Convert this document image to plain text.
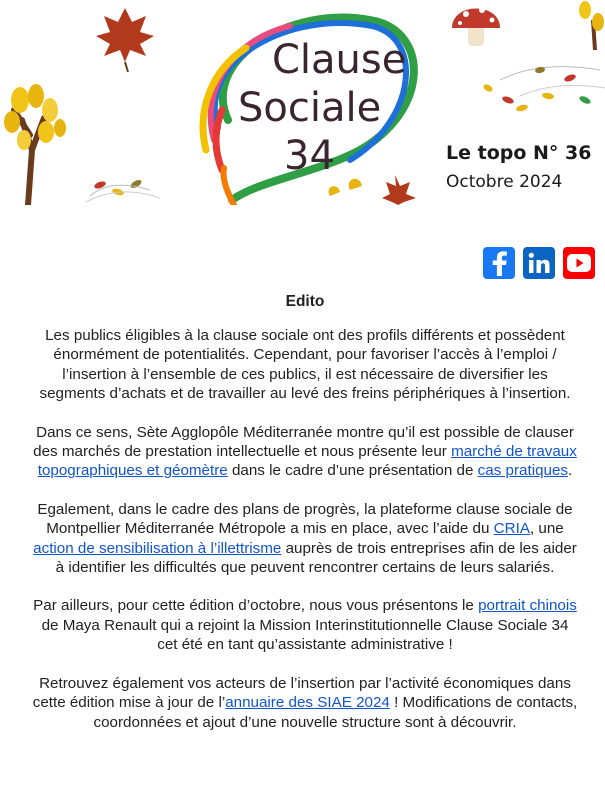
Clause
Sociale
34	Le topo N° 36
Octobre 2024
Edito

Les publics éligibles à la clause sociale ont des profils différents et possèdent énormément de potentialités. Cependant, pour favoriser l’accès à l’emploi / l’insertion à l’ensemble de ces publics, il est nécessaire de diversifier les segments d’achats et de travailler au levé des freins périphériques à l’insertion.

Dans ce sens, Sète Agglopôle Méditerranée montre qu’il est possible de clauser des marchés de prestation intellectuelle et nous présente leur marché de travaux topographiques et géomètre dans le cadre d’une présentation de cas pratiques.

Egalement, dans le cadre des plans de progrès, la plateforme clause sociale de Montpellier Méditerranée Métropole a mis en place, avec l’aide du CRIA, une action de sensibilisation à l’illettrisme auprès de trois entreprises afin de les aider à identifier les difficultés que peuvent rencontrer certains de leurs salariés.

Par ailleurs, pour cette édition d’octobre, nous vous présentons le portrait chinois de Maya Renault qui a rejoint la Mission Interinstitutionnelle Clause Sociale 34 cet été en tant qu’assistante administrative !

Retrouvez également vos acteurs de l’insertion par l’activité économiques dans cette édition mise à jour de l’annuaire des SIAE 2024 ! Modifications de contacts, coordonnées et ajout d’une nouvelle structure sont à découvrir.
